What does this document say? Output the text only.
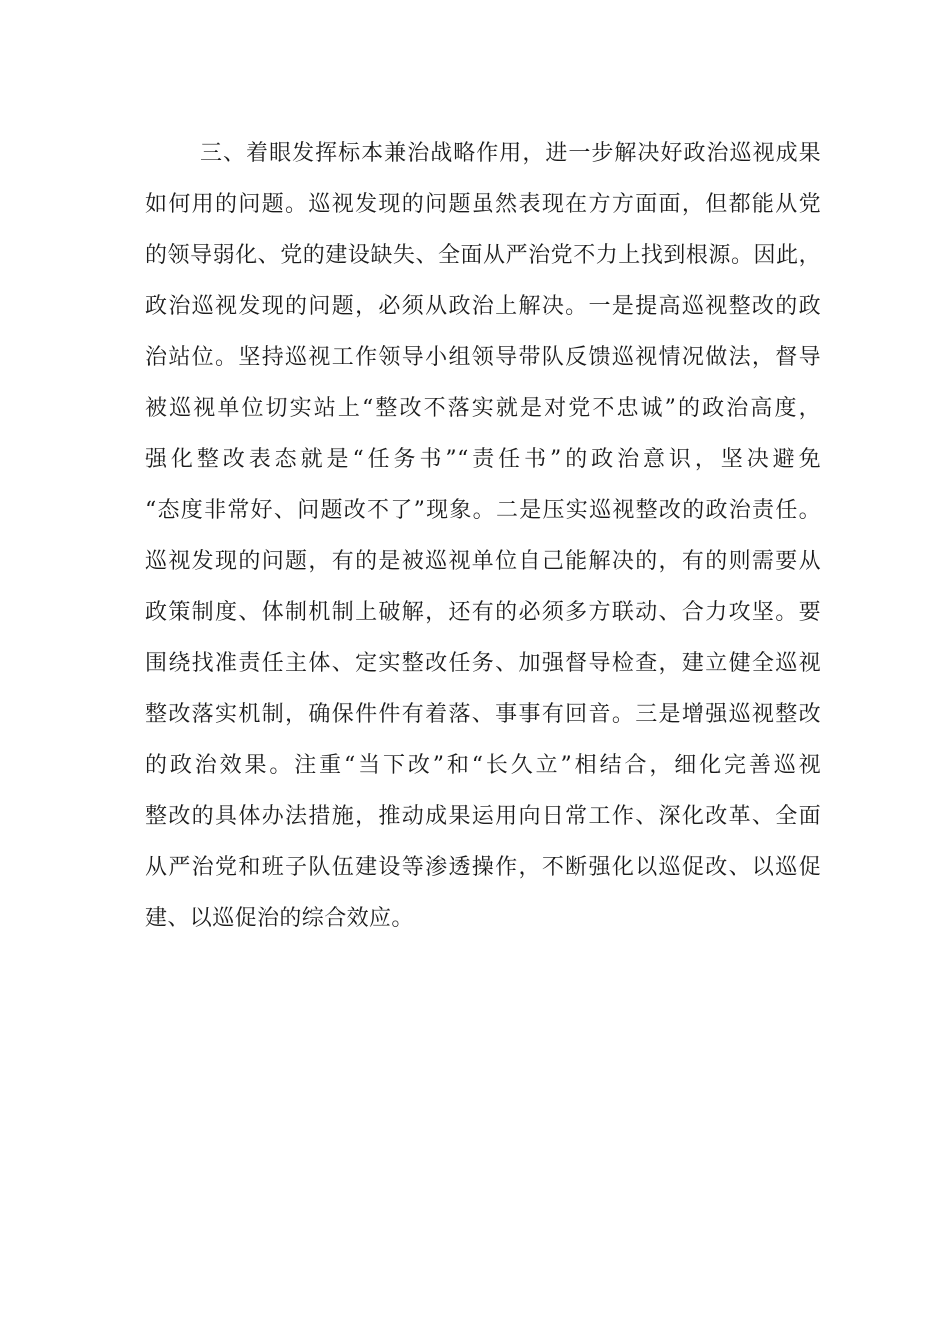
三、着眼发挥标本兼治战略作用，进一步解决好政治巡视成果
如何用的问题。巡视发现的问题虽然表现在方方面面，但都能从党
的领导弱化、党的建设缺失、全面从严治党不力上找到根源。因此，
政治巡视发现的问题，必须从政治上解决。一是提高巡视整改的政
治站位。坚持巡视工作领导小组领导带队反馈巡视情况做法，督导
被巡视单位切实站上“整改不落实就是对党不忠诚”的政治高度，
强化整改表态就是“任务书”“责任书”的政治意识，坚决避免
“态度非常好、问题改不了”现象。二是压实巡视整改的政治责任。
巡视发现的问题，有的是被巡视单位自己能解决的，有的则需要从
政策制度、体制机制上破解，还有的必须多方联动、合力攻坚。要
围绕找准责任主体、定实整改任务、加强督导检查，建立健全巡视
整改落实机制，确保件件有着落、事事有回音。三是增强巡视整改
的政治效果。注重“当下改”和“长久立”相结合，细化完善巡视
整改的具体办法措施，推动成果运用向日常工作、深化改革、全面
从严治党和班子队伍建设等渗透操作，不断强化以巡促改、以巡促
建、以巡促治的综合效应。
